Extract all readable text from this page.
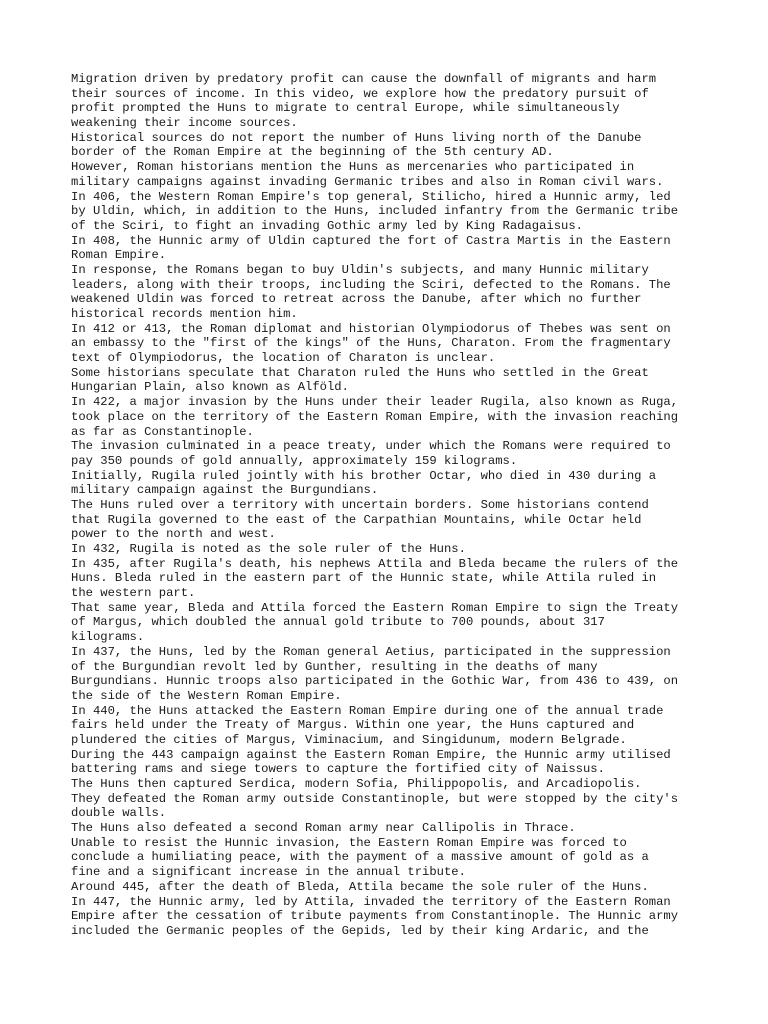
Migration driven by predatory profit can cause the downfall of migrants and harm
their sources of income. In this video, we explore how the predatory pursuit of
profit prompted the Huns to migrate to central Europe, while simultaneously
weakening their income sources.
Historical sources do not report the number of Huns living north of the Danube
border of the Roman Empire at the beginning of the 5th century AD.
However, Roman historians mention the Huns as mercenaries who participated in
military campaigns against invading Germanic tribes and also in Roman civil wars.
In 406, the Western Roman Empire's top general, Stilicho, hired a Hunnic army, led
by Uldin, which, in addition to the Huns, included infantry from the Germanic tribe
of the Sciri, to fight an invading Gothic army led by King Radagaisus.
In 408, the Hunnic army of Uldin captured the fort of Castra Martis in the Eastern
Roman Empire.
In response, the Romans began to buy Uldin's subjects, and many Hunnic military
leaders, along with their troops, including the Sciri, defected to the Romans. The
weakened Uldin was forced to retreat across the Danube, after which no further
historical records mention him.
In 412 or 413, the Roman diplomat and historian Olympiodorus of Thebes was sent on
an embassy to the "first of the kings" of the Huns, Charaton. From the fragmentary
text of Olympiodorus, the location of Charaton is unclear.
Some historians speculate that Charaton ruled the Huns who settled in the Great
Hungarian Plain, also known as Alföld.
In 422, a major invasion by the Huns under their leader Rugila, also known as Ruga,
took place on the territory of the Eastern Roman Empire, with the invasion reaching
as far as Constantinople.
The invasion culminated in a peace treaty, under which the Romans were required to
pay 350 pounds of gold annually, approximately 159 kilograms.
Initially, Rugila ruled jointly with his brother Octar, who died in 430 during a
military campaign against the Burgundians.
The Huns ruled over a territory with uncertain borders. Some historians contend
that Rugila governed to the east of the Carpathian Mountains, while Octar held
power to the north and west.
In 432, Rugila is noted as the sole ruler of the Huns.
In 435, after Rugila's death, his nephews Attila and Bleda became the rulers of the
Huns. Bleda ruled in the eastern part of the Hunnic state, while Attila ruled in
the western part.
That same year, Bleda and Attila forced the Eastern Roman Empire to sign the Treaty
of Margus, which doubled the annual gold tribute to 700 pounds, about 317
kilograms.
In 437, the Huns, led by the Roman general Aetius, participated in the suppression
of the Burgundian revolt led by Gunther, resulting in the deaths of many
Burgundians. Hunnic troops also participated in the Gothic War, from 436 to 439, on
the side of the Western Roman Empire.
In 440, the Huns attacked the Eastern Roman Empire during one of the annual trade
fairs held under the Treaty of Margus. Within one year, the Huns captured and
plundered the cities of Margus, Viminacium, and Singidunum, modern Belgrade.
During the 443 campaign against the Eastern Roman Empire, the Hunnic army utilised
battering rams and siege towers to capture the fortified city of Naissus.
The Huns then captured Serdica, modern Sofia, Philippopolis, and Arcadiopolis.
They defeated the Roman army outside Constantinople, but were stopped by the city's
double walls.
The Huns also defeated a second Roman army near Callipolis in Thrace.
Unable to resist the Hunnic invasion, the Eastern Roman Empire was forced to
conclude a humiliating peace, with the payment of a massive amount of gold as a
fine and a significant increase in the annual tribute.
Around 445, after the death of Bleda, Attila became the sole ruler of the Huns.
In 447, the Hunnic army, led by Attila, invaded the territory of the Eastern Roman
Empire after the cessation of tribute payments from Constantinople. The Hunnic army
included the Germanic peoples of the Gepids, led by their king Ardaric, and the
